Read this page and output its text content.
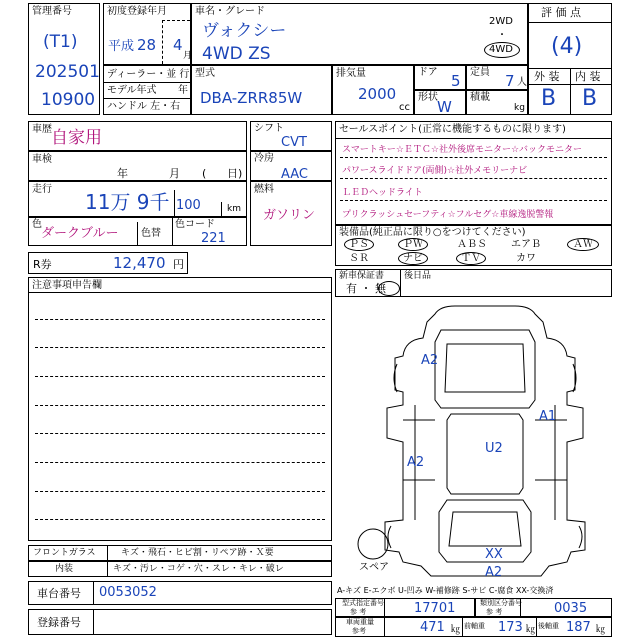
管理番号
(T1)
202501
10900
初度登録年月
平成 28 4
月
車名・グレード
ヴォクシー
4WD ZS
2WD
・
4WD
評 価 点
(4)
外 装 内 装
B B
ディーラー・並 行
モデル年式 年
ハンドル 左・右
型式
DBA-ZRR85W
排気量
2000
cc
ドア 5 定員 7 人
形状
W
積載
kg
車歴 自家用
車検
年	月 ( 日)
走行
11万 9千 100	km
色
ダークブルー 色替
色コード
221
R券	12,470 円
シフト
CVT
冷房
AAC
燃料
ガソリン
セールスポイント(正常に機能するものに限ります)
スマートキー☆ＥＴＣ☆社外後席モニター☆バックモニター
パワースライドドア(両側)☆社外メモリーナビ
ＬＥＤヘッドライト
プリクラッシュセーフティ☆フルセグ☆車線逸脱警報
装備品(純正品に限り○をつけてください)
ＰＳ	ＰＷ	ＡＢＳ	エアＢ	ＡＷ
ＳＲ	ナビ	ＴＶ	カワ
新車保証書
有 ・ 無
後日品
注意事項申告欄
A2
A1
A2
U2
XX
A2
スペア
フロントガラス	キズ・飛石・ヒビ割・リペア跡・Ｘ要
内装	キズ・汚レ・コゲ・穴・スレ・キレ・破レ
車台番号 0053052
登録番号
A-キズ E-エクボ U-凹み W-補修跡 S-サビ C-腐食 XX-交換済
型式指定番号
参 考	17701	類別区分番号
参 考	0035
車両重量
参考	471 ㎏ 前軸重 173 ㎏ 後軸重 187 ㎏
